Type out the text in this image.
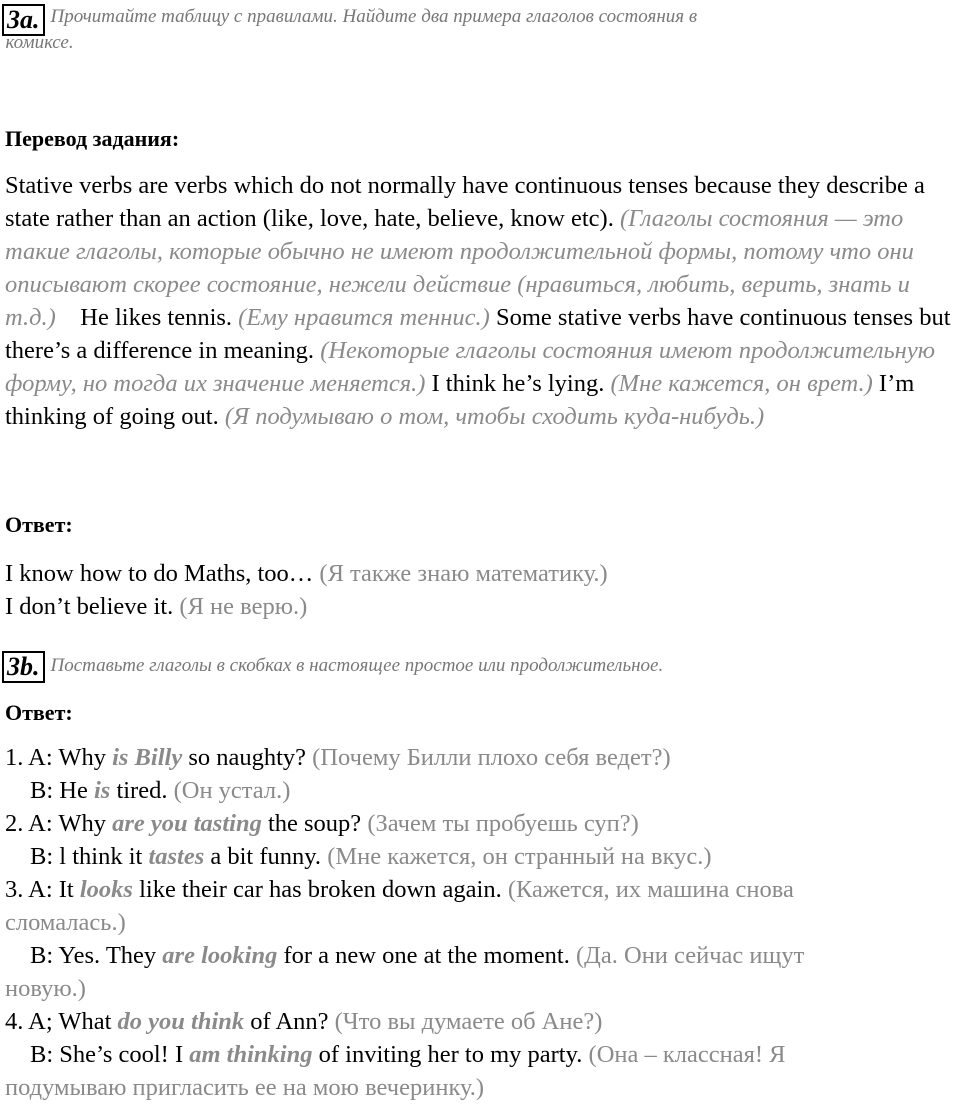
3a. Прочитайте таблицу с правилами. Найдите два примера глаголов состояния в
комиксе.
Перевод задания:
Stative verbs are verbs which do not normally have continuous tenses because they describe a state rather than an action (like, love, hate, believe, know etc). (Глаголы состояния — это такие глаголы, которые обычно не имеют продолжительной формы, потому что они описывают скорее состояние, нежели действие (нравиться, любить, верить, знать и т.д.) He likes tennis. (Ему нравится теннис.) Some stative verbs have continuous tenses but there’s a difference in meaning. (Некоторые глаголы состояния имеют продолжительную форму, но тогда их значение меняется.) I think he’s lying. (Мне кажется, он врет.) I’m thinking of going out. (Я подумываю о том, чтобы сходить куда-нибудь.)
Ответ:
I know how to do Maths, too… (Я также знаю математику.)
I don’t believe it. (Я не верю.)
3b. Поставьте глаголы в скобках в настоящее простое или продолжительное.
Ответ:
1. A: Why is Billy so naughty? (Почему Билли плохо себя ведет?)
B: He is tired. (Он устал.)
2. A: Why are you tasting the soup? (Зачем ты пробуешь суп?)
B: l think it tastes a bit funny. (Мне кажется, он странный на вкус.)
3. A: It looks like their car has broken down again. (Кажется, их машина снова
сломалась.)
B: Yes. They are looking for a new one at the moment. (Да. Они сейчас ищут
новую.)
4. A; What do you think of Ann? (Что вы думаете об Ане?)
B: She’s cool! I am thinking of inviting her to my party. (Она – классная! Я
подумываю пригласить ее на мою вечеринку.)
